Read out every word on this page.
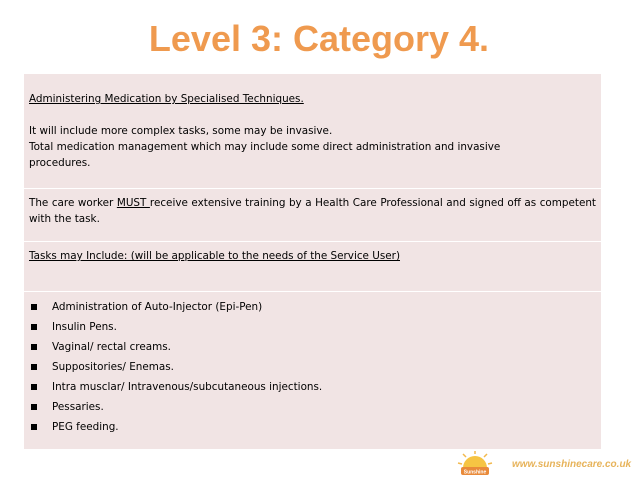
Level 3: Category 4.
Administering Medication by Specialised Techniques.
It will include more complex tasks, some may be invasive.
Total medication management which may include some direct administration and invasive
procedures.
The care worker MUST receive extensive training by a Health Care Professional and signed off as competent with the task.
Tasks may Include: (will be applicable to the needs of the Service User)
Administration of Auto-Injector (Epi-Pen)
Insulin Pens.
Vaginal/ rectal creams.
Suppositories/ Enemas.
Intra musclar/ Intravenous/subcutaneous injections.
Pessaries.
PEG feeding.
Sunshine
www.sunshinecare.co.uk
